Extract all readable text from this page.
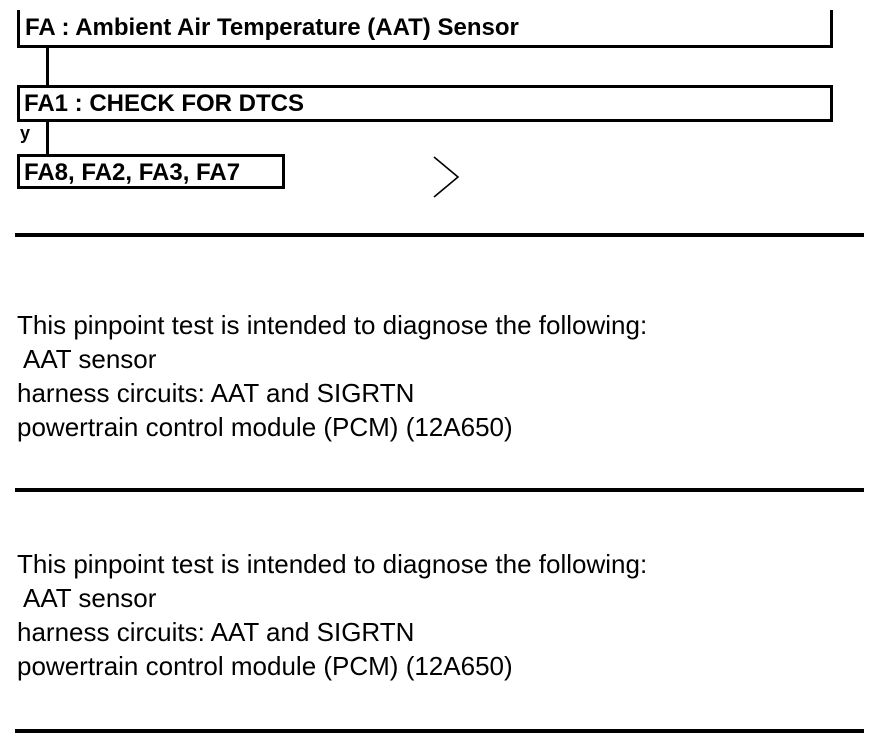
FA : Ambient Air Temperature (AAT) Sensor
FA1 : CHECK FOR DTCS
y
FA8, FA2, FA3, FA7
This pinpoint test is intended to diagnose the following:
AAT sensor
harness circuits: AAT and SIGRTN
powertrain control module (PCM) (12A650)
This pinpoint test is intended to diagnose the following:
AAT sensor
harness circuits: AAT and SIGRTN
powertrain control module (PCM) (12A650)
